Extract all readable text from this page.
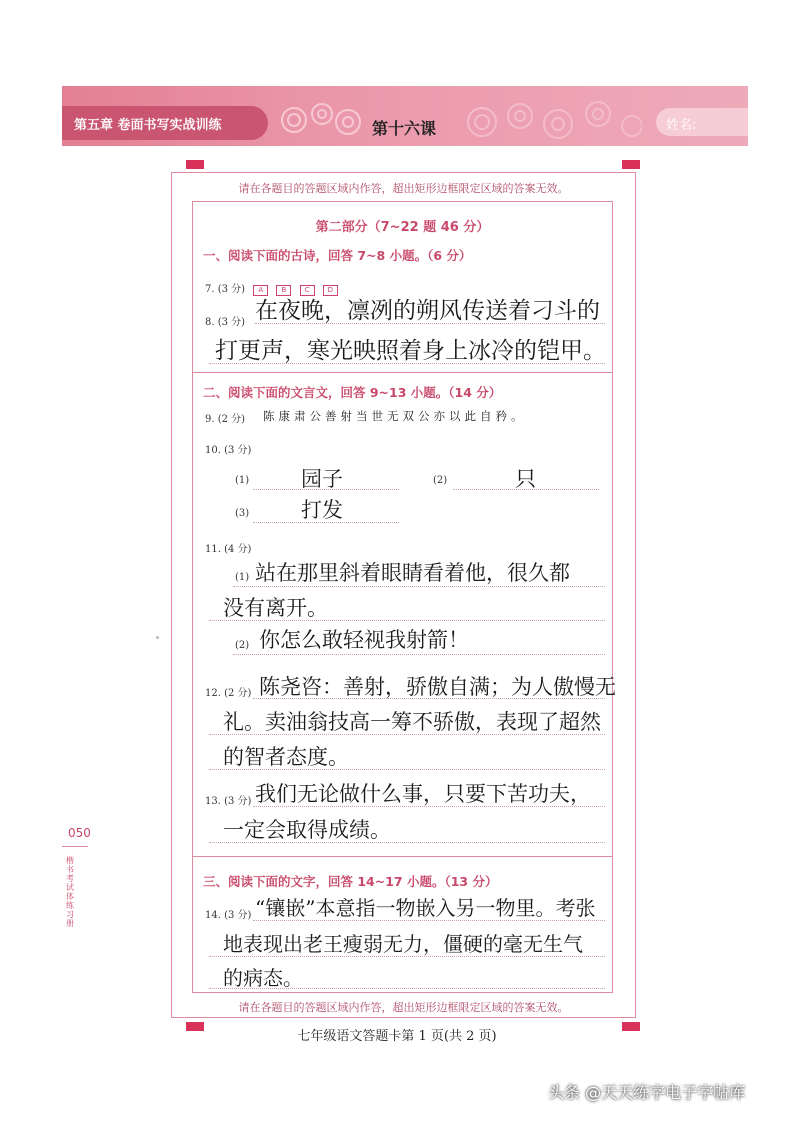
第五章 卷面书写实战训练	第十六课	姓名:
请在各题目的答题区域内作答，超出矩形边框限定区域的答案无效。
第二部分（7~22 题 46 分）
一、阅读下面的古诗，回答 7~8 小题。（6 分）
7. (3 分) A	B	C	D
8. (3 分) 在夜晚，凛冽的朔风传送着刁斗的
打更声，寒光映照着身上冰冷的铠甲。
二、阅读下面的文言文，回答 9~13 小题。（14 分）
9. (2 分) 陈康肃公善射当世无双公亦以此自矜。
10. (3 分)
(1) 园子	(2)	只
(3) 打发
11. (4 分)
(1) 站在那里斜着眼睛看着他，很久都
没有离开。
(2) 你怎么敢轻视我射箭！
12. (2 分) 陈尧咨：善射，骄傲自满；为人傲慢无
礼。卖油翁技高一筹不骄傲，表现了超然
的智者态度。
13. (3 分) 我们无论做什么事，只要下苦功夫，
一定会取得成绩。
三、阅读下面的文字，回答 14~17 小题。（13 分）
14. (3 分) “镶嵌”本意指一物嵌入另一物里。考张
地表现出老王瘦弱无力，僵硬的毫无生气
的病态。
请在各题目的答题区域内作答，超出矩形边框限定区域的答案无效。
七年级语文答题卡第 1 页(共 2 页)
050
楷书考试体练习册
头条 @天天练字电子字帖库
